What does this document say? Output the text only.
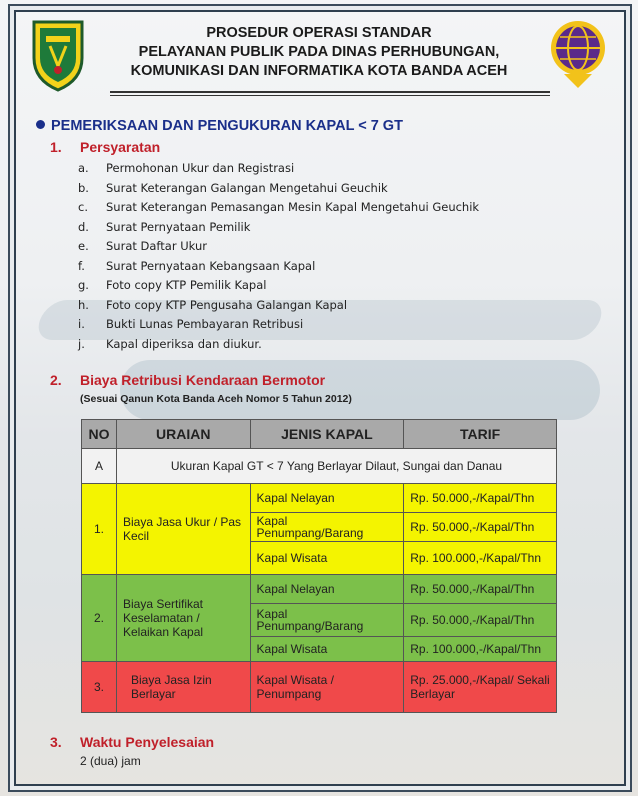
PROSEDUR OPERASI STANDAR
PELAYANAN PUBLIK PADA DINAS PERHUBUNGAN,
KOMUNIKASI DAN INFORMATIKA KOTA BANDA ACEH
PEMERIKSAAN DAN PENGUKURAN KAPAL < 7 GT
1. Persyaratan
a. Permohonan Ukur dan Registrasi
b. Surat Keterangan Galangan Mengetahui Geuchik
c. Surat Keterangan Pemasangan Mesin Kapal Mengetahui Geuchik
d. Surat Pernyataan Pemilik
e. Surat Daftar Ukur
f. Surat Pernyataan Kebangsaan Kapal
g. Foto copy KTP Pemilik Kapal
h. Foto copy KTP Pengusaha Galangan Kapal
i. Bukti Lunas Pembayaran Retribusi
j. Kapal diperiksa dan diukur.
2. Biaya Retribusi Kendaraan Bermotor
(Sesuai Qanun Kota Banda Aceh Nomor 5 Tahun 2012)
NO	URAIAN	JENIS KAPAL	TARIF
A	Ukuran Kapal GT < 7 Yang Berlayar Dilaut, Sungai dan Danau		
1.	Biaya Jasa Ukur / Pas Kecil	Kapal Nelayan	Rp. 50.000,-/Kapal/Thn
		Kapal Penumpang/Barang	Rp. 50.000,-/Kapal/Thn
		Kapal Wisata	Rp. 100.000,-/Kapal/Thn
2.	Biaya Sertifikat Keselamatan / Kelaikan Kapal	Kapal Nelayan	Rp. 50.000,-/Kapal/Thn
		Kapal Penumpang/Barang	Rp. 50.000,-/Kapal/Thn
		Kapal Wisata	Rp. 100.000,-/Kapal/Thn
3.	Biaya Jasa Izin Berlayar	Kapal Wisata / Penumpang	Rp. 25.000,-/Kapal/ Sekali Berlayar
3. Waktu Penyelesaian
2 (dua) jam
